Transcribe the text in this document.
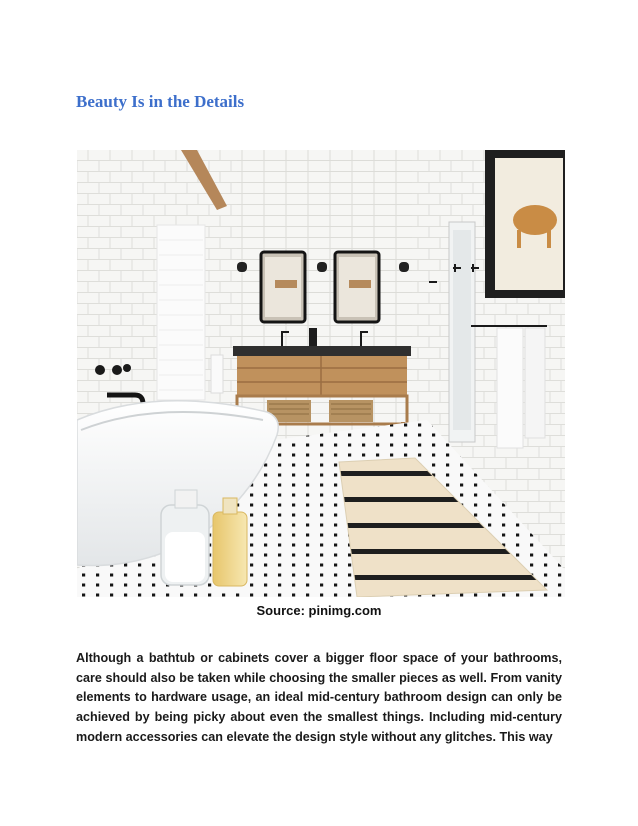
Beauty Is in the Details
Source: pinimg.com

Although a bathtub or cabinets cover a bigger floor space of your bathrooms, care should also be taken while choosing the smaller pieces as well. From vanity elements to hardware usage, an ideal mid-century bathroom design can only be achieved by being picky about even the smallest things. Including mid-century modern accessories can elevate the design style without any glitches. This way
